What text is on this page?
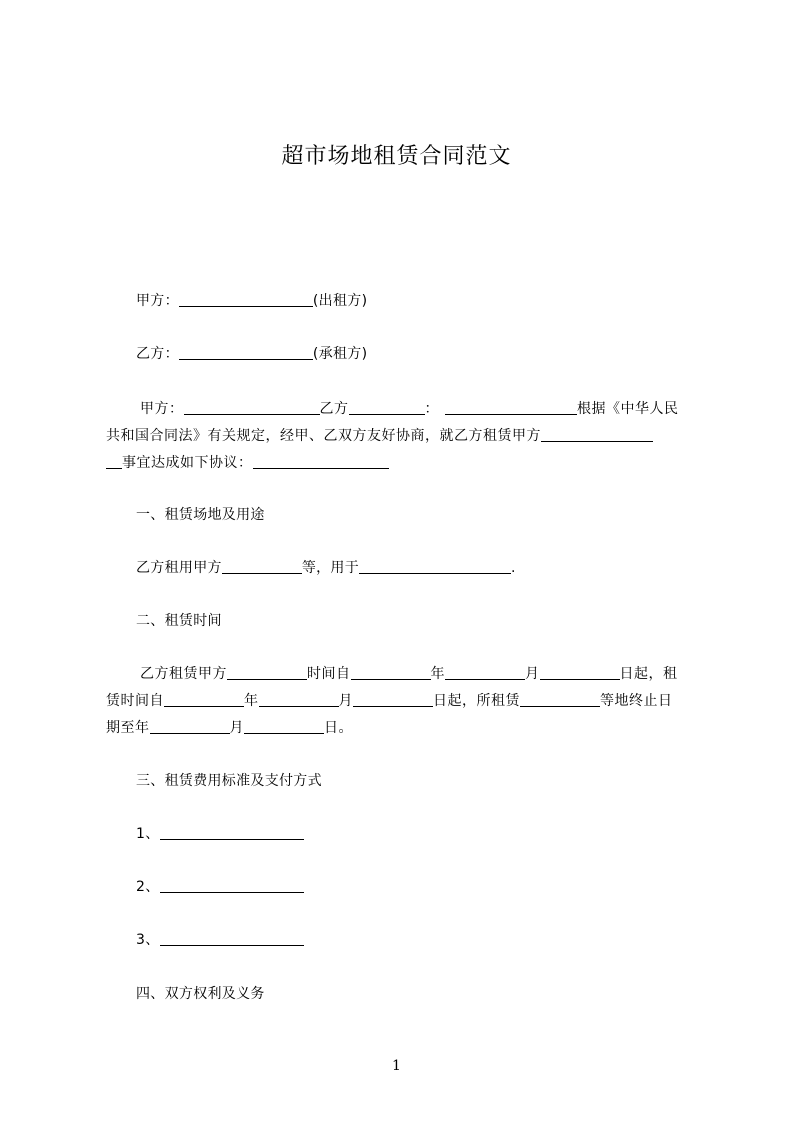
超市场地租赁合同范文
甲方：	(出租方)
乙方：	(承租方)
甲方：	乙方	：	根据《中华人民
共和国合同法》有关规定，经甲、乙双方友好协商，就乙方租赁甲方
事宜达成如下协议：
一、租赁场地及用途
乙方租用甲方	等，用于	.
二、租赁时间
乙方租赁甲方	时间自	年	月	日起，租
赁时间自	年	月	日起，所租赁	等地终止日
期至年	月	日。
三、租赁费用标准及支付方式
1、
2、
3、
四、双方权利及义务
1
